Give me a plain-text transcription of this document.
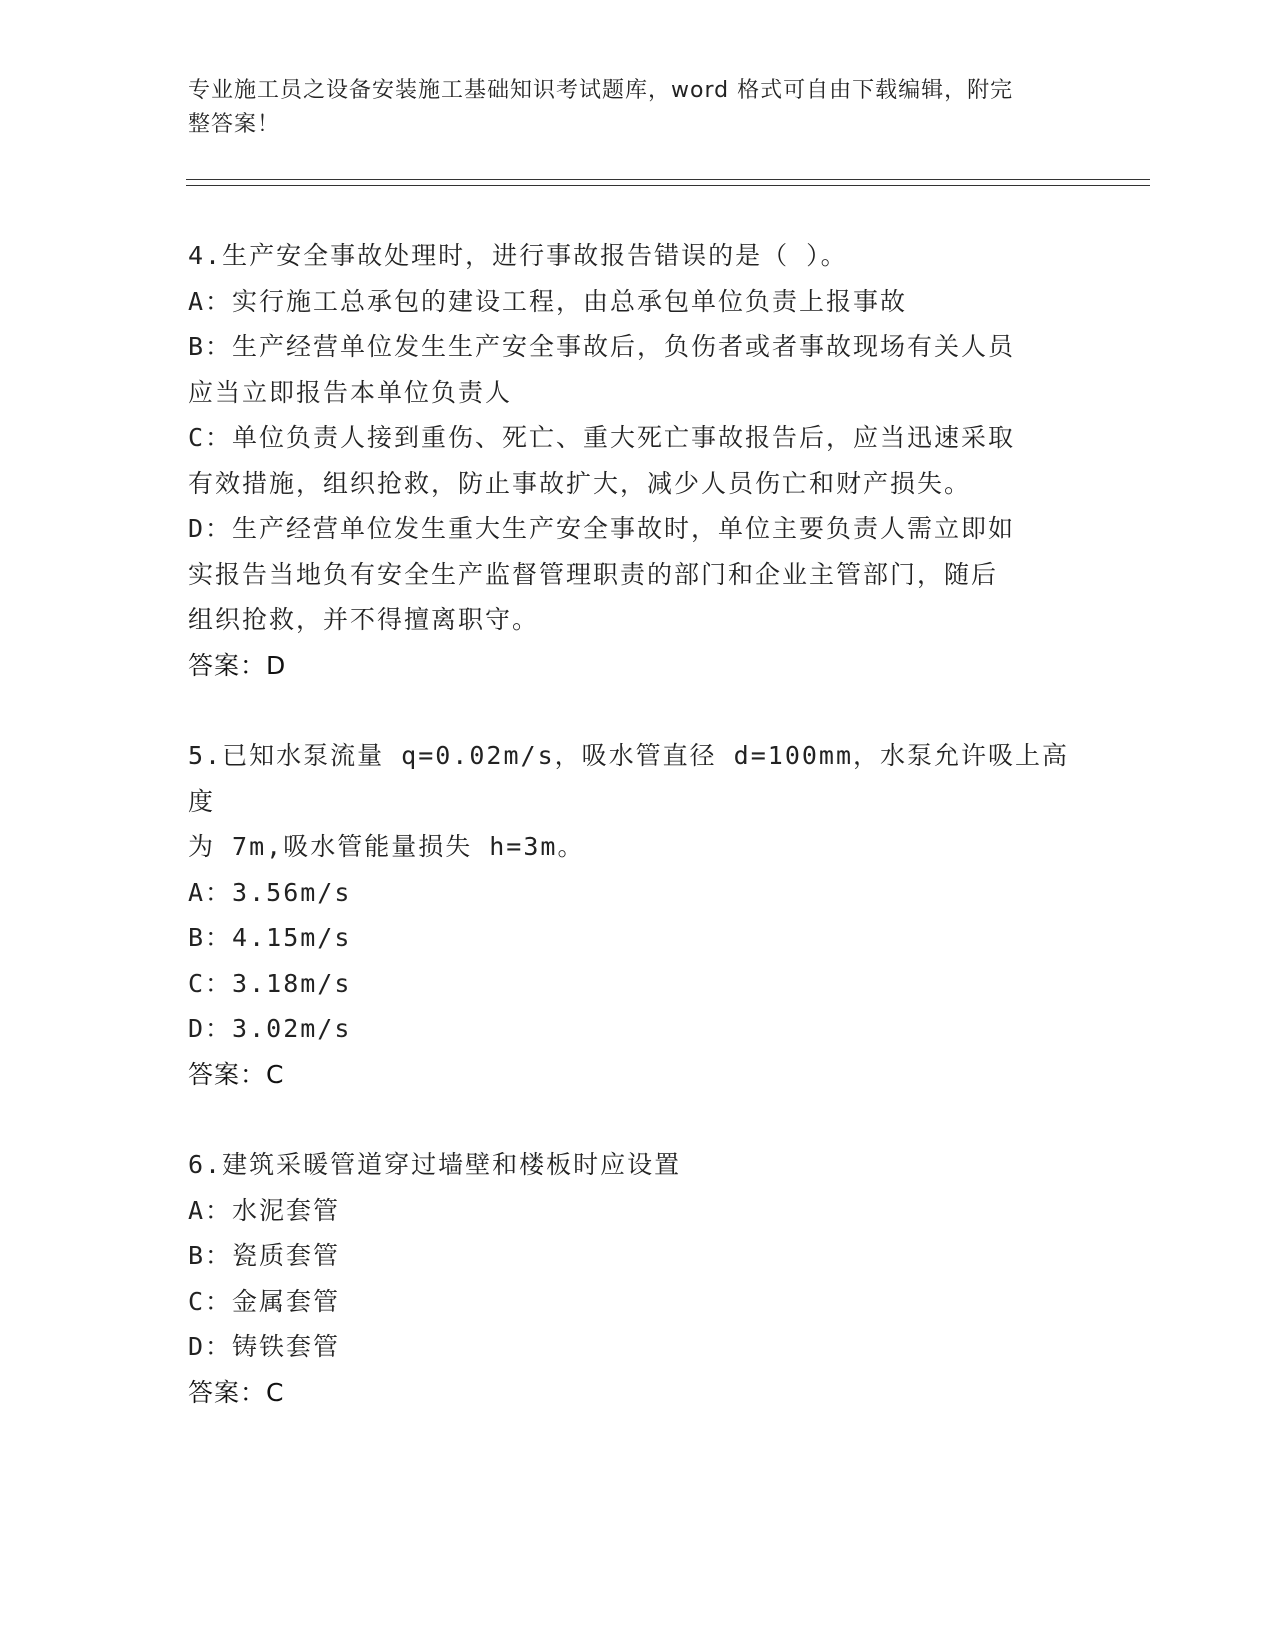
专业施工员之设备安装施工基础知识考试题库，word 格式可自由下载编辑，附完
整答案！
4.生产安全事故处理时，进行事故报告错误的是（ ）。
A：实行施工总承包的建设工程，由总承包单位负责上报事故
B：生产经营单位发生生产安全事故后，负伤者或者事故现场有关人员
应当立即报告本单位负责人
C：单位负责人接到重伤、死亡、重大死亡事故报告后，应当迅速采取
有效措施，组织抢救，防止事故扩大，减少人员伤亡和财产损失。
D：生产经营单位发生重大生产安全事故时，单位主要负责人需立即如
实报告当地负有安全生产监督管理职责的部门和企业主管部门，随后
组织抢救，并不得擅离职守。
答案：D
5.已知水泵流量 q=0.02m/s，吸水管直径 d=100mm，水泵允许吸上高度
为 7m,吸水管能量损失 h=3m。
A：3.56m/s
B：4.15m/s
C：3.18m/s
D：3.02m/s
答案：C
6.建筑采暖管道穿过墙壁和楼板时应设置
A：水泥套管
B：瓷质套管
C：金属套管
D：铸铁套管
答案：C
